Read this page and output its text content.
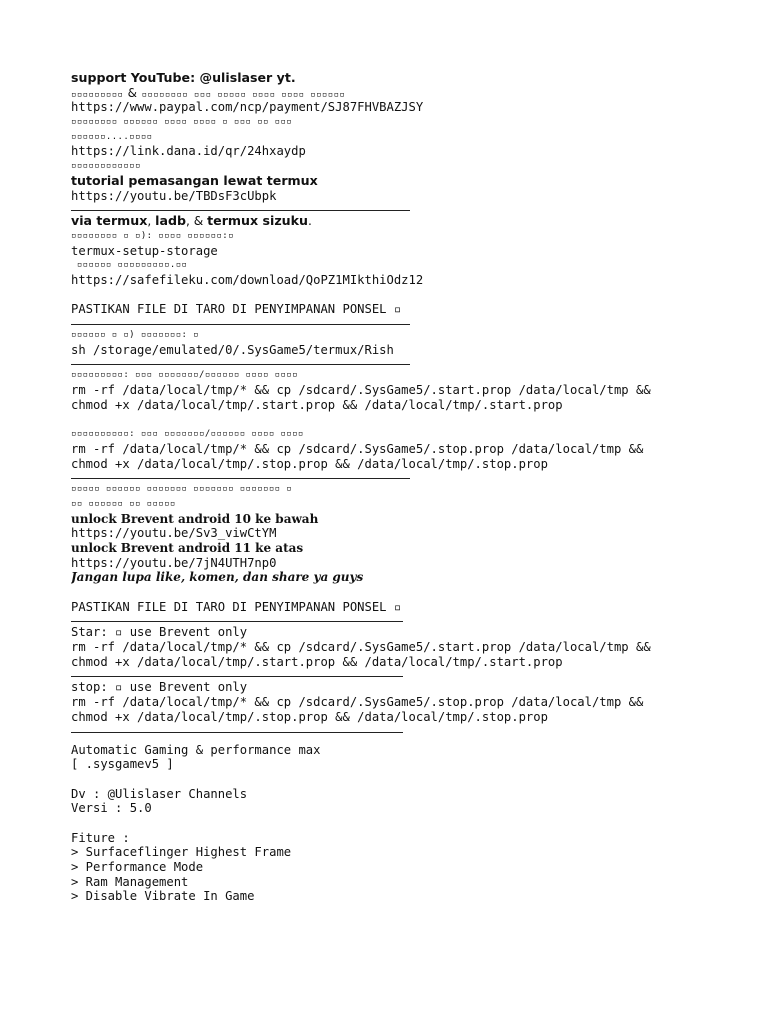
support YouTube: @ulislaser yt.
▫▫▫▫▫▫▫▫▫ & ▫▫▫▫▫▫▫▫ ▫▫▫ ▫▫▫▫▫ ▫▫▫▫ ▫▫▫▫ ▫▫▫▫▫▫
https://www.paypal.com/ncp/payment/SJ87FHVBAZJSY
▫▫▫▫▫▫▫▫ ▫▫▫▫▫▫ ▫▫▫▫ ▫▫▫▫ ▫ ▫▫▫ ▫▫ ▫▫▫
▫▫▫▫▫▫....▫▫▫▫
https://link.dana.id/qr/24hxaydp
▫▫▫▫▫▫▫▫▫▫▫▫
tutorial pemasangan lewat termux
https://youtu.be/TBDsF3cUbpk
via termux, ladb, & termux sizuku.
▫▫▫▫▫▫▫▫ ▫ ▫): ▫▫▫▫ ▫▫▫▫▫▫:▫
termux-setup-storage
▫▫▫▫▫▫ ▫▫▫▫▫▫▫▫▫.▫▫
https://safefileku.com/download/QoPZ1MIkthiOdz12
PASTIKAN FILE DI TARO DI PENYIMPANAN PONSEL ▫
▫▫▫▫▫▫ ▫ ▫) ▫▫▫▫▫▫▫: ▫
sh /storage/emulated/0/.SysGame5/termux/Rish
▫▫▫▫▫▫▫▫▫: ▫▫▫ ▫▫▫▫▫▫▫/▫▫▫▫▫▫ ▫▫▫▫ ▫▫▫▫
rm -rf /data/local/tmp/* && cp /sdcard/.SysGame5/.start.prop /data/local/tmp &&
chmod +x /data/local/tmp/.start.prop && /data/local/tmp/.start.prop
▫▫▫▫▫▫▫▫▫▫: ▫▫▫ ▫▫▫▫▫▫▫/▫▫▫▫▫▫ ▫▫▫▫ ▫▫▫▫
rm -rf /data/local/tmp/* && cp /sdcard/.SysGame5/.stop.prop /data/local/tmp &&
chmod +x /data/local/tmp/.stop.prop && /data/local/tmp/.stop.prop
▫▫▫▫▫ ▫▫▫▫▫▫ ▫▫▫▫▫▫▫ ▫▫▫▫▫▫▫ ▫▫▫▫▫▫▫ ▫
▫▫ ▫▫▫▫▫▫ ▫▫ ▫▫▫▫▫
unlock Brevent android 10 ke bawah
https://youtu.be/Sv3_viwCtYM
unlock Brevent android 11 ke atas
https://youtu.be/7jN4UTH7np0
Jangan lupa like, komen, dan share ya guys
PASTIKAN FILE DI TARO DI PENYIMPANAN PONSEL ▫
Star: ▫ use Brevent only
rm -rf /data/local/tmp/* && cp /sdcard/.SysGame5/.start.prop /data/local/tmp &&
chmod +x /data/local/tmp/.start.prop && /data/local/tmp/.start.prop
stop: ▫ use Brevent only
rm -rf /data/local/tmp/* && cp /sdcard/.SysGame5/.stop.prop /data/local/tmp &&
chmod +x /data/local/tmp/.stop.prop && /data/local/tmp/.stop.prop
Automatic Gaming & performance max
[ .sysgamev5 ]
Dv : @Ulislaser Channels
Versi : 5.0
Fiture :
> Surfaceflinger Highest Frame
> Performance Mode
> Ram Management
> Disable Vibrate In Game
